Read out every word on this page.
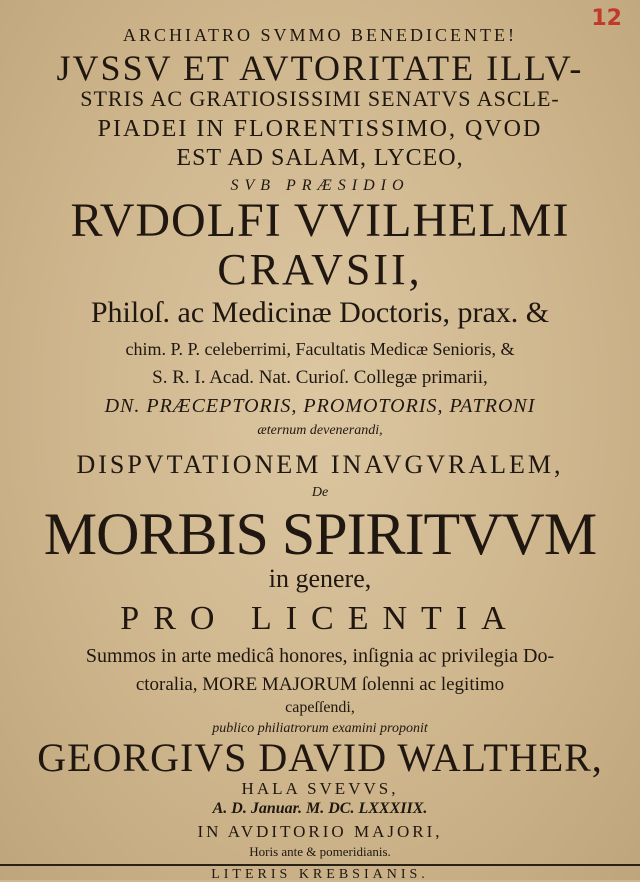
12
ARCHIATRO SVMMO BENEDICENTE!
JVSSV ET AVTORITATE ILLV-
STRIS AC GRATIOSISSIMI SENATVS ASCLE-
PIADEI IN FLORENTISSIMO, QVOD
EST AD SALAM, LYCEO,
SVB PRÆSIDIO
RVDOLFI VVILHELMI
CRAVSII,
Philoſ. ac Medicinæ Doctoris, prax. &
chim. P. P. celeberrimi, Facultatis Medicæ Senioris, &
S. R. I. Acad. Nat. Curioſ. Collegæ primarii,
DN. PRÆCEPTORIS, PROMOTORIS, PATRONI
æternum devenerandi,
DISPVTATIONEM INAVGVRALEM,
De
MORBIS SPIRITVVM
in genere,
PRO LICENTIA
Summos in arte medicâ honores, inſignia ac privilegia Do-
ctoralia, MORE MAJORUM ſolenni ac legitimo
capeſſendi,
publico philiatrorum examini proponit
GEORGIVS DAVID WALTHER,
HALA SVEVVS,
A. D. Januar. M. DC. LXXXIIX.
IN AVDITORIO MAJORI,
Horis ante & pomeridianis.
LITERIS KREBSIANIS.
